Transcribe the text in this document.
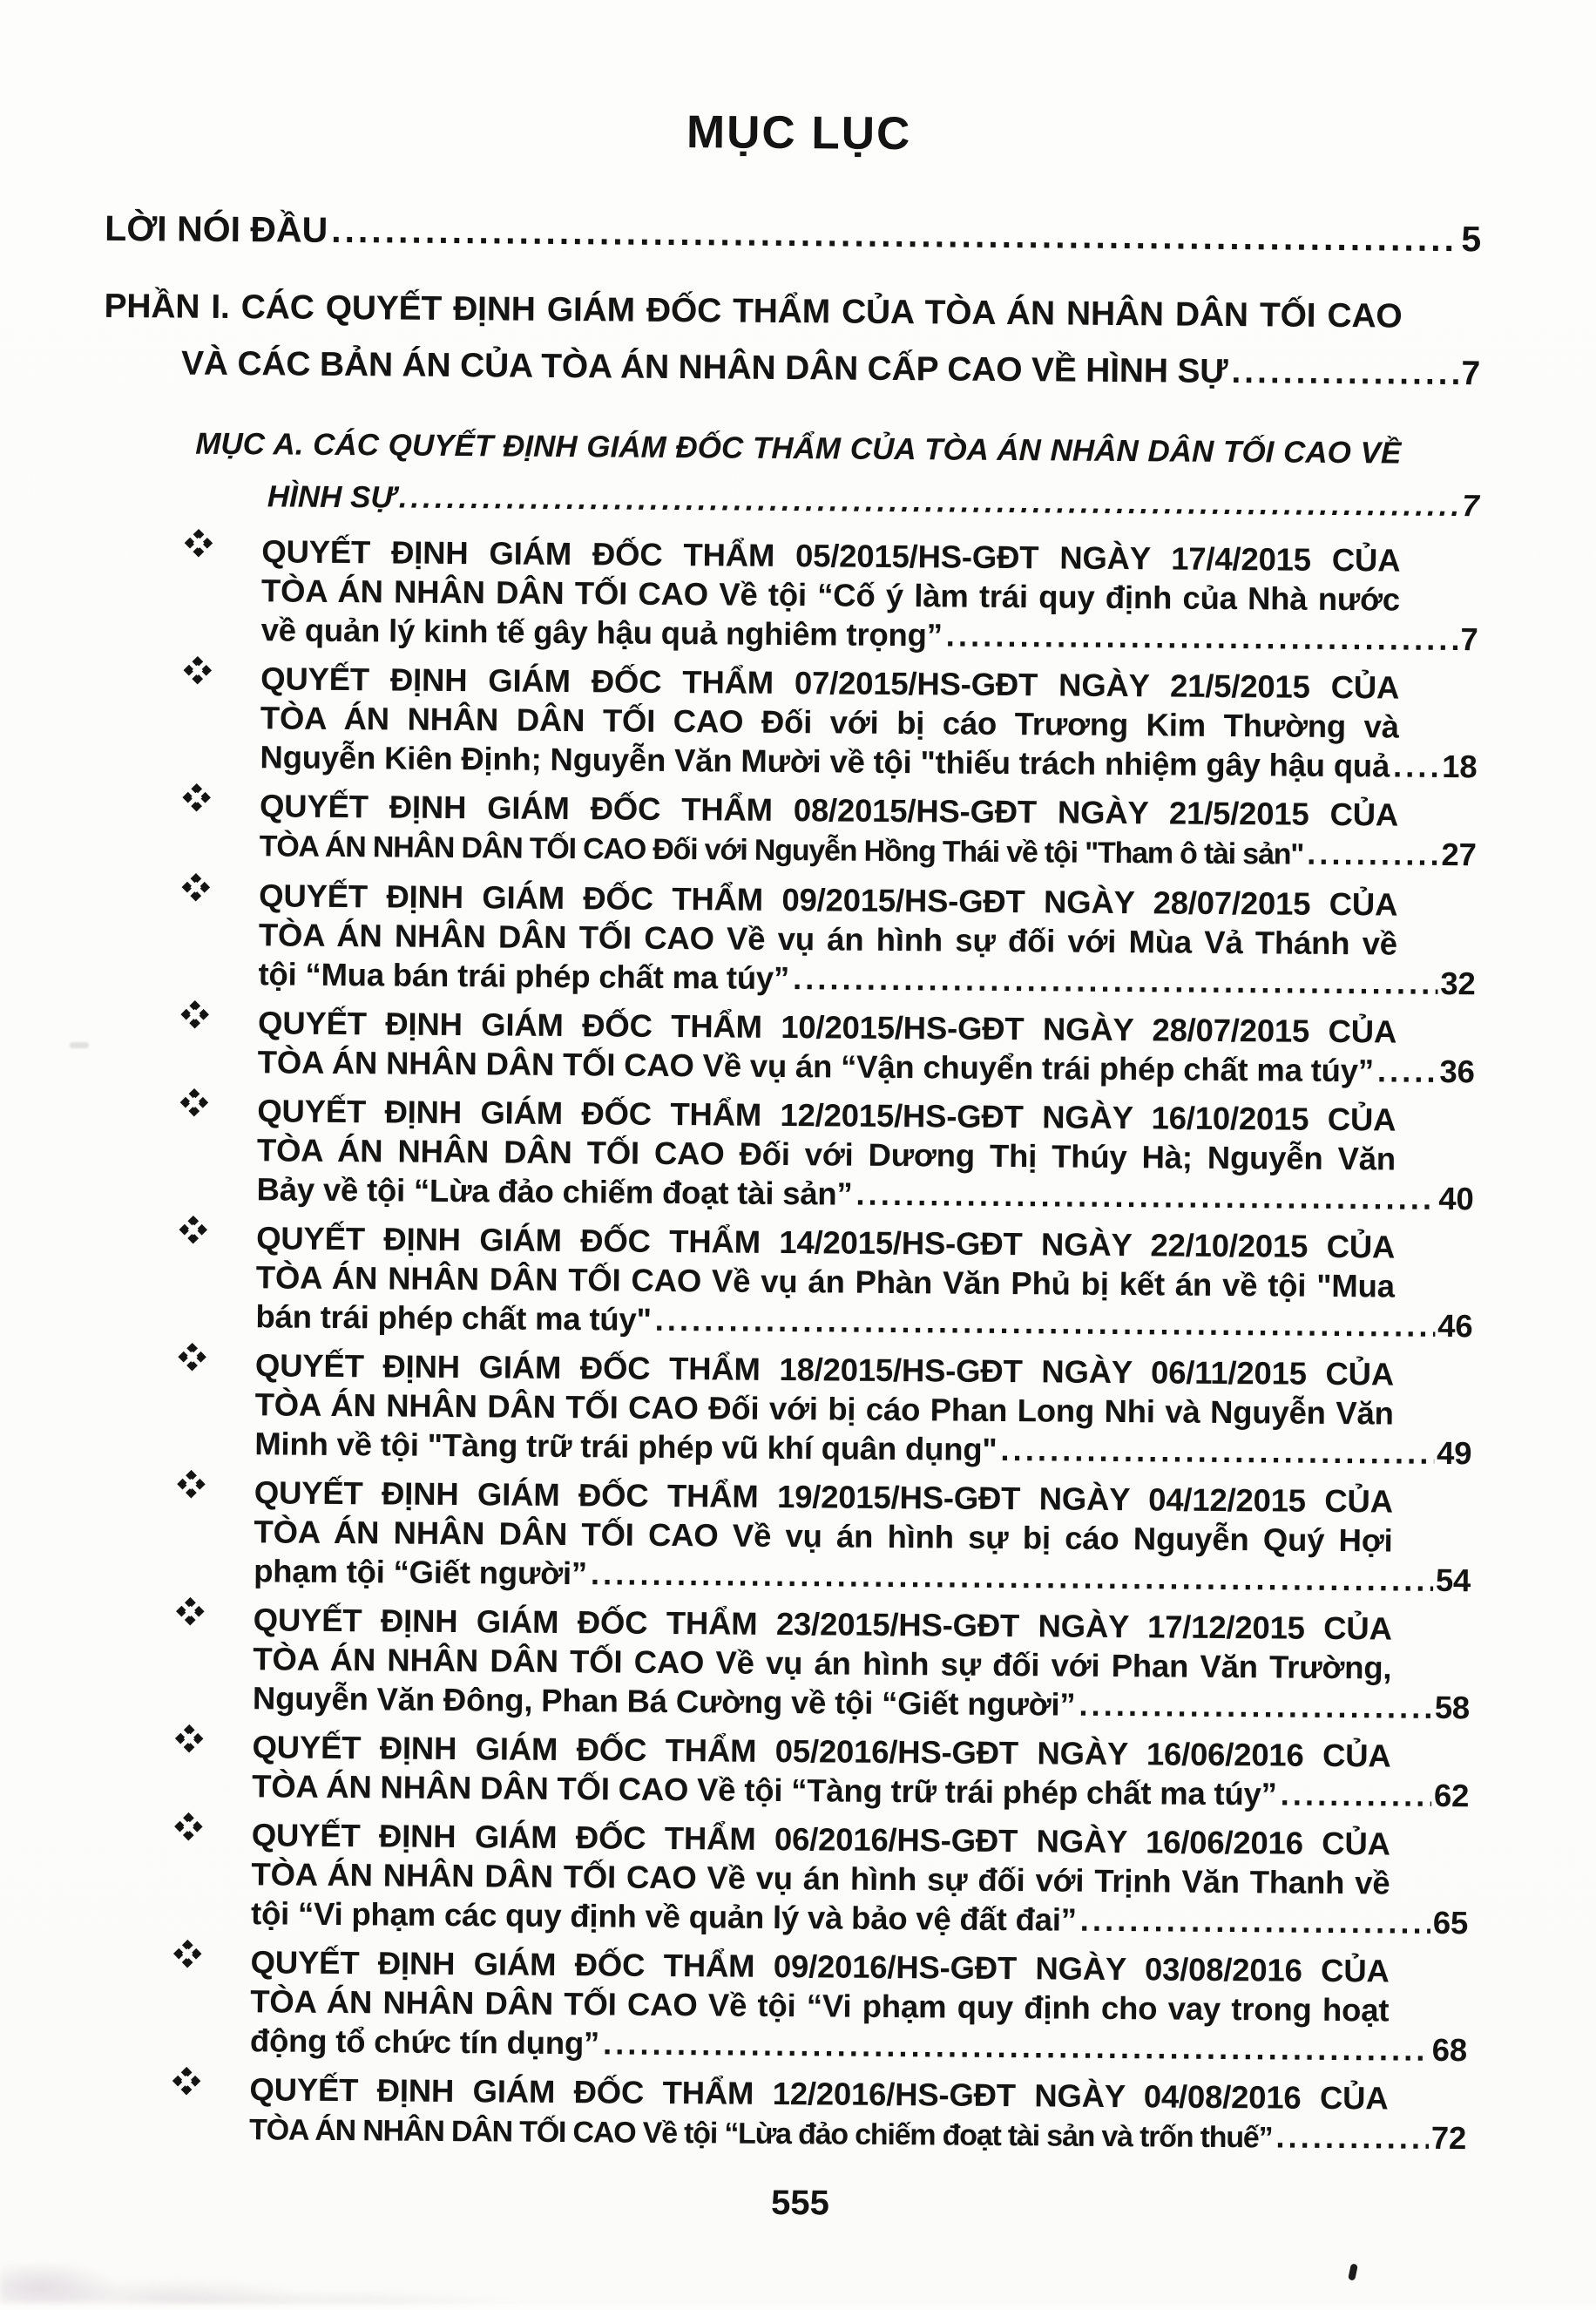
MỤC LỤC
LỜI NÓI ĐẦU .....	5
PHẦN I. CÁC QUYẾT ĐỊNH GIÁM ĐỐC THẨM CỦA TÒA ÁN NHÂN DÂN TỐI CAO
VÀ CÁC BẢN ÁN CỦA TÒA ÁN NHÂN DÂN CẤP CAO VỀ HÌNH SỰ .....	7
MỤC A. CÁC QUYẾT ĐỊNH GIÁM ĐỐC THẨM CỦA TÒA ÁN NHÂN DÂN TỐI CAO VỀ
HÌNH SỰ .....	7
QUYẾT ĐỊNH GIÁM ĐỐC THẨM 05/2015/HS-GĐT NGÀY 17/4/2015 CỦA
TÒA ÁN NHÂN DÂN TỐI CAO Về tội “Cố ý làm trái quy định của Nhà nước
về quản lý kinh tế gây hậu quả nghiêm trọng” .....	7
QUYẾT ĐỊNH GIÁM ĐỐC THẨM 07/2015/HS-GĐT NGÀY 21/5/2015 CỦA
TÒA ÁN NHÂN DÂN TỐI CAO Đối với bị cáo Trương Kim Thường và
Nguyễn Kiên Định; Nguyễn Văn Mười về tội "thiếu trách nhiệm gây hậu quả ..... 18
QUYẾT ĐỊNH GIÁM ĐỐC THẨM 08/2015/HS-GĐT NGÀY 21/5/2015 CỦA
TÒA ÁN NHÂN DÂN TỐI CAO Đối với Nguyễn Hồng Thái về tội "Tham ô tài sản" .....	27
QUYẾT ĐỊNH GIÁM ĐỐC THẨM 09/2015/HS-GĐT NGÀY 28/07/2015 CỦA
TÒA ÁN NHÂN DÂN TỐI CAO Về vụ án hình sự đối với Mùa Vả Thánh về
tội “Mua bán trái phép chất ma túy” .....	32
QUYẾT ĐỊNH GIÁM ĐỐC THẨM 10/2015/HS-GĐT NGÀY 28/07/2015 CỦA
TÒA ÁN NHÂN DÂN TỐI CAO Về vụ án “Vận chuyển trái phép chất ma túy” ..... 36
QUYẾT ĐỊNH GIÁM ĐỐC THẨM 12/2015/HS-GĐT NGÀY 16/10/2015 CỦA
TÒA ÁN NHÂN DÂN TỐI CAO Đối với Dương Thị Thúy Hà; Nguyễn Văn
Bảy về tội “Lừa đảo chiếm đoạt tài sản” .....	40
QUYẾT ĐỊNH GIÁM ĐỐC THẨM 14/2015/HS-GĐT NGÀY 22/10/2015 CỦA
TÒA ÁN NHÂN DÂN TỐI CAO Về vụ án Phàn Văn Phủ bị kết án về tội "Mua
bán trái phép chất ma túy" .....	46
QUYẾT ĐỊNH GIÁM ĐỐC THẨM 18/2015/HS-GĐT NGÀY 06/11/2015 CỦA
TÒA ÁN NHÂN DÂN TỐI CAO Đối với bị cáo Phan Long Nhi và Nguyễn Văn
Minh về tội "Tàng trữ trái phép vũ khí quân dụng" .....	49
QUYẾT ĐỊNH GIÁM ĐỐC THẨM 19/2015/HS-GĐT NGÀY 04/12/2015 CỦA
TÒA ÁN NHÂN DÂN TỐI CAO Về vụ án hình sự bị cáo Nguyễn Quý Hợi
phạm tội “Giết người” .....	54
QUYẾT ĐỊNH GIÁM ĐỐC THẨM 23/2015/HS-GĐT NGÀY 17/12/2015 CỦA
TÒA ÁN NHÂN DÂN TỐI CAO Về vụ án hình sự đối với Phan Văn Trường,
Nguyễn Văn Đông, Phan Bá Cường về tội “Giết người” .....	58
QUYẾT ĐỊNH GIÁM ĐỐC THẨM 05/2016/HS-GĐT NGÀY 16/06/2016 CỦA
TÒA ÁN NHÂN DÂN TỐI CAO Về tội “Tàng trữ trái phép chất ma túy” .....	62
QUYẾT ĐỊNH GIÁM ĐỐC THẨM 06/2016/HS-GĐT NGÀY 16/06/2016 CỦA
TÒA ÁN NHÂN DÂN TỐI CAO Về vụ án hình sự đối với Trịnh Văn Thanh về
tội “Vi phạm các quy định về quản lý và bảo vệ đất đai” .....	65
QUYẾT ĐỊNH GIÁM ĐỐC THẨM 09/2016/HS-GĐT NGÀY 03/08/2016 CỦA
TÒA ÁN NHÂN DÂN TỐI CAO Về tội “Vi phạm quy định cho vay trong hoạt
động tổ chức tín dụng” .....	68
QUYẾT ĐỊNH GIÁM ĐỐC THẨM 12/2016/HS-GĐT NGÀY 04/08/2016 CỦA
TÒA ÁN NHÂN DÂN TỐI CAO Về tội “Lừa đảo chiếm đoạt tài sản và trốn thuế” .....	72
555
